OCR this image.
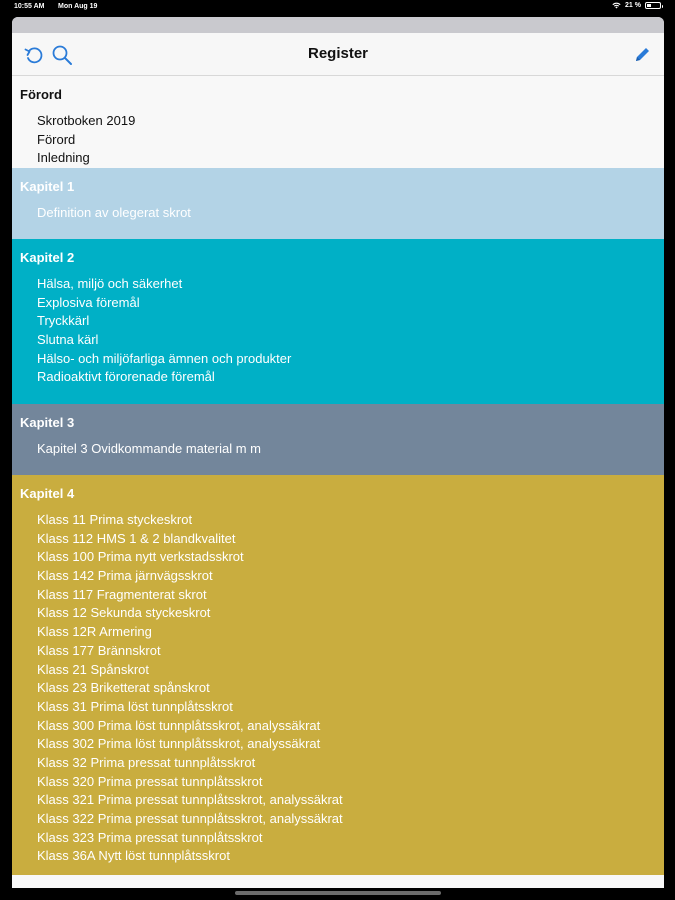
10:55 AM Mon Aug 19	21 %
Register
Förord
Skrotboken 2019
Förord
Inledning
Kapitel 1
Definition av olegerat skrot
Kapitel 2
Hälsa, miljö och säkerhet
Explosiva föremål
Tryckkärl
Slutna kärl
Hälso- och miljöfarliga ämnen och produkter
Radioaktivt förorenade föremål
Kapitel 3
Kapitel 3 Ovidkommande material m m
Kapitel 4
Klass 11 Prima styckeskrot
Klass 112 HMS 1 & 2 blandkvalitet
Klass 100 Prima nytt verkstadsskrot
Klass 142 Prima järnvägsskrot
Klass 117 Fragmenterat skrot
Klass 12 Sekunda styckeskrot
Klass 12R Armering
Klass 177 Brännskrot
Klass 21 Spånskrot
Klass 23 Briketterat spånskrot
Klass 31 Prima löst tunnplåtsskrot
Klass 300 Prima löst tunnplåtsskrot, analyssäkrat
Klass 302 Prima löst tunnplåtsskrot, analyssäkrat
Klass 32 Prima pressat tunnplåtsskrot
Klass 320 Prima pressat tunnplåtsskrot
Klass 321 Prima pressat tunnplåtsskrot, analyssäkrat
Klass 322 Prima pressat tunnplåtsskrot, analyssäkrat
Klass 323 Prima pressat tunnplåtsskrot
Klass 36A Nytt löst tunnplåtsskrot
